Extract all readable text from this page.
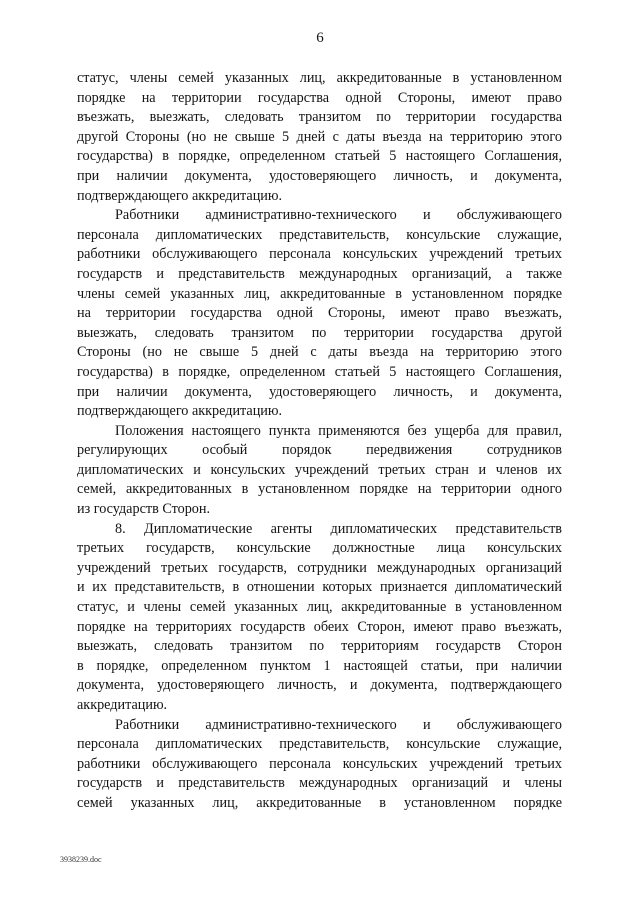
6
статус, члены семей указанных лиц, аккредитованные в установленном
порядке на территории государства одной Стороны, имеют право
въезжать, выезжать, следовать транзитом по территории государства
другой Стороны (но не свыше 5 дней с даты въезда на территорию этого
государства) в порядке, определенном статьей 5 настоящего Соглашения,
при наличии документа, удостоверяющего личность, и документа,
подтверждающего аккредитацию.
Работники административно-технического и обслуживающего
персонала дипломатических представительств, консульские служащие,
работники обслуживающего персонала консульских учреждений третьих
государств и представительств международных организаций, а также
члены семей указанных лиц, аккредитованные в установленном порядке
на территории государства одной Стороны, имеют право въезжать,
выезжать, следовать транзитом по территории государства другой
Стороны (но не свыше 5 дней с даты въезда на территорию этого
государства) в порядке, определенном статьей 5 настоящего Соглашения,
при наличии документа, удостоверяющего личность, и документа,
подтверждающего аккредитацию.
Положения настоящего пункта применяются без ущерба для правил,
регулирующих особый порядок передвижения сотрудников
дипломатических и консульских учреждений третьих стран и членов их
семей, аккредитованных в установленном порядке на территории одного
из государств Сторон.
8. Дипломатические агенты дипломатических представительств
третьих государств, консульские должностные лица консульских
учреждений третьих государств, сотрудники международных организаций
и их представительств, в отношении которых признается дипломатический
статус, и члены семей указанных лиц, аккредитованные в установленном
порядке на территориях государств обеих Сторон, имеют право въезжать,
выезжать, следовать транзитом по территориям государств Сторон
в порядке, определенном пунктом 1 настоящей статьи, при наличии
документа, удостоверяющего личность, и документа, подтверждающего
аккредитацию.
Работники административно-технического и обслуживающего
персонала дипломатических представительств, консульские служащие,
работники обслуживающего персонала консульских учреждений третьих
государств и представительств международных организаций и члены
семей указанных лиц, аккредитованные в установленном порядке
3938239.doc
